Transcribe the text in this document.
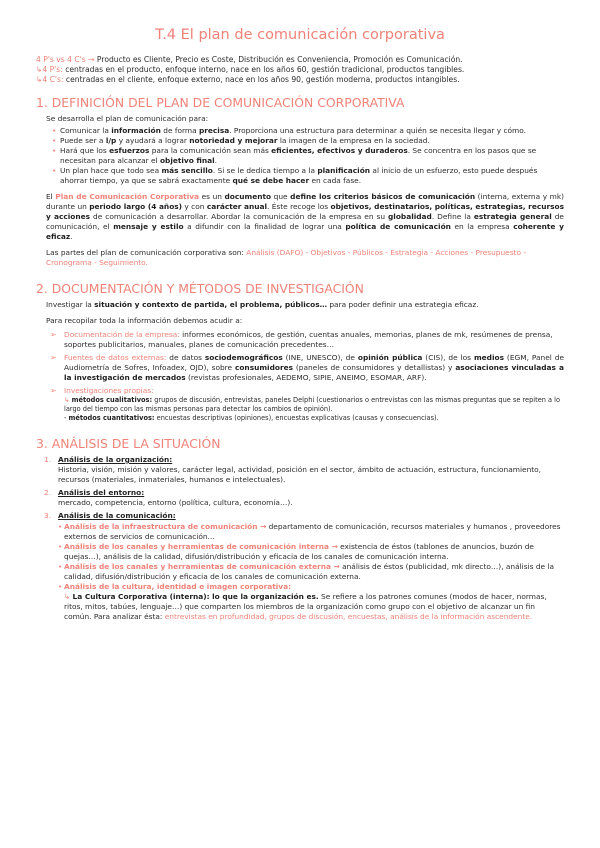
T.4 El plan de comunicación corporativa

4 P's vs 4 C's → Producto es Cliente, Precio es Coste, Distribución es Conveniencia, Promoción es Comunicación.

↳4 P's: centradas en el producto, enfoque interno, nace en los años 60, gestión tradicional, productos tangibles.

↳4 C's: centradas en el cliente, enfoque externo, nace en los años 90, gestión moderna, productos intangibles.

1. DEFINICIÓN DEL PLAN DE COMUNICACIÓN CORPORATIVA

Se desarrolla el plan de comunicación para:

• Comunicar la información de forma precisa. Proporciona una estructura para determinar a quién se necesita llegar y cómo.
• Puede ser a l/p y ayudará a lograr notoriedad y mejorar la imagen de la empresa en la sociedad.
• Hará que los esfuerzos para la comunicación sean más eficientes, efectivos y duraderos. Se concentra en los pasos que se necesitan para alcanzar el objetivo final.
• Un plan hace que todo sea más sencillo. Si se le dedica tiempo a la planificación al inicio de un esfuerzo, esto puede después ahorrar tiempo, ya que se sabrá exactamente qué se debe hacer en cada fase.

El Plan de Comunicación Corporativa es un documento que define los criterios básicos de comunicación (interna, externa y mk) durante un periodo largo (4 años) y con carácter anual. Éste recoge los objetivos, destinatarios, políticas, estrategias, recursos y acciones de comunicación a desarrollar. Abordar la comunicación de la empresa en su globalidad. Define la estrategia general de comunicación, el mensaje y estilo a difundir con la finalidad de lograr una política de comunicación en la empresa coherente y eficaz.

Las partes del plan de comunicación corporativa son: Análisis (DAFO) - Objetivos - Públicos - Estrategia - Acciones - Presupuesto - Cronograma - Seguimiento.

2. DOCUMENTACIÓN Y MÉTODOS DE INVESTIGACIÓN

Investigar la situación y contexto de partida, el problema, públicos… para poder definir una estrategia eficaz.

Para recopilar toda la información debemos acudir a:

➢ Documentación de la empresa: informes económicos, de gestión, cuentas anuales, memorias, planes de mk, resúmenes de prensa, soportes publicitarios, manuales, planes de comunicación precedentes…
➢ Fuentes de datos externas: de datos sociodemográficos (INE, UNESCO), de opinión pública (CIS), de los medios (EGM, Panel de Audiometría de Sofres, Infoadex, OJD), sobre consumidores (paneles de consumidores y detallistas) y asociaciones vinculadas a la investigación de mercados (revistas profesionales, AEDEMO, SIPIE, ANEIMO, ESOMAR, ARF).
➢ Investigaciones propias:
↳ métodos cualitativos: grupos de discusión, entrevistas, paneles Delphi (cuestionarios o entrevistas con las mismas preguntas que se repiten a lo largo del tiempo con las mismas personas para detectar los cambios de opinión).
- métodos cuantitativos: encuestas descriptivas (opiniones), encuestas explicativas (causas y consecuencias).
3. ANÁLISIS DE LA SITUACIÓN
1. Análisis de la organización:
Historia, visión, misión y valores, carácter legal, actividad, posición en el sector, ámbito de actuación, estructura, funcionamiento, recursos (materiales, inmateriales, humanos e intelectuales).
2. Análisis del entorno:
mercado, competencia, entorno (política, cultura, economía…).
3. Análisis de la comunicación:
• Análisis de la infraestructura de comunicación → departamento de comunicación, recursos materiales y humanos , proveedores externos de servicios de comunicación…
• Análisis de los canales y herramientas de comunicación interna → existencia de éstos (tablones de anuncios, buzón de quejas…), análisis de la calidad, difusión/distribución y eficacia de los canales de comunicación interna.
• Análisis de los canales y herramientas de comunicación externa → análisis de éstos (publicidad, mk directo…), análisis de la calidad, difusión/distribución y eficacia de los canales de comunicación externa.
• Análisis de la cultura, identidad e imagen corporativa:
↳ La Cultura Corporativa (interna): lo que la organización es. Se refiere a los patrones comunes (modos de hacer, normas, ritos, mitos, tabúes, lenguaje…) que comparten los miembros de la organización como grupo con el objetivo de alcanzar un fin común. Para analizar ésta: entrevistas en profundidad, grupos de discusión, encuestas, análisis de la información ascendente.
